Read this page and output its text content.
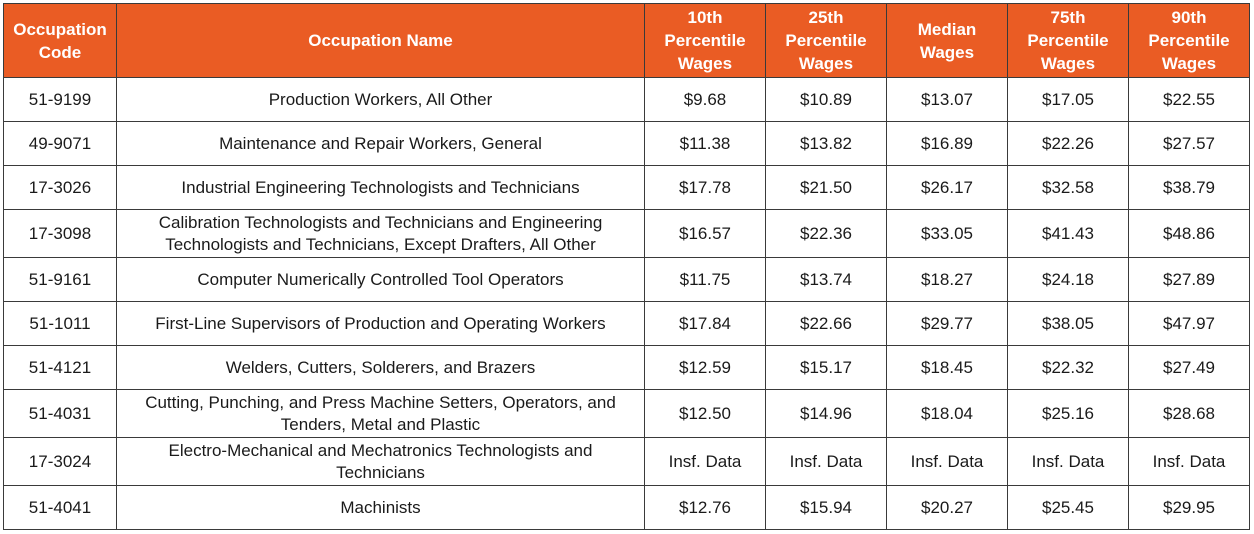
Occupation Code	Occupation Name	10th Percentile Wages	25th Percentile Wages	Median Wages	75th Percentile Wages	90th Percentile Wages
51-9199	Production Workers, All Other	$9.68	$10.89	$13.07	$17.05	$22.55
49-9071	Maintenance and Repair Workers, General	$11.38	$13.82	$16.89	$22.26	$27.57
17-3026	Industrial Engineering Technologists and Technicians	$17.78	$21.50	$26.17	$32.58	$38.79
17-3098	Calibration Technologists and Technicians and Engineering Technologists and Technicians, Except Drafters, All Other	$16.57	$22.36	$33.05	$41.43	$48.86
51-9161	Computer Numerically Controlled Tool Operators	$11.75	$13.74	$18.27	$24.18	$27.89
51-1011	First-Line Supervisors of Production and Operating Workers	$17.84	$22.66	$29.77	$38.05	$47.97
51-4121	Welders, Cutters, Solderers, and Brazers	$12.59	$15.17	$18.45	$22.32	$27.49
51-4031	Cutting, Punching, and Press Machine Setters, Operators, and Tenders, Metal and Plastic	$12.50	$14.96	$18.04	$25.16	$28.68
17-3024	Electro-Mechanical and Mechatronics Technologists and Technicians	Insf. Data	Insf. Data	Insf. Data	Insf. Data	Insf. Data
51-4041	Machinists	$12.76	$15.94	$20.27	$25.45	$29.95
